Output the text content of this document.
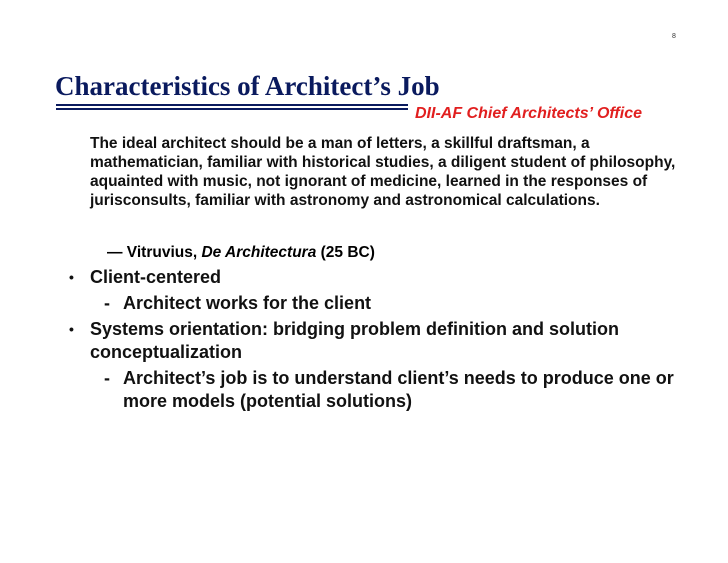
8
Characteristics of Architect’s Job
DII-AF Chief Architects’ Office
The ideal architect should be a man of letters, a skillful draftsman, a mathematician, familiar with historical studies, a diligent student of philosophy, aquainted with music, not ignorant of medicine, learned in the responses of jurisconsults, familiar with astronomy and astronomical calculations.
— Vitruvius, De Architectura (25 BC)
• Client-centered
- Architect works for the client
• Systems orientation: bridging problem definition and solution conceptualization
- Architect’s job is to understand client’s needs to produce one or more models (potential solutions)
